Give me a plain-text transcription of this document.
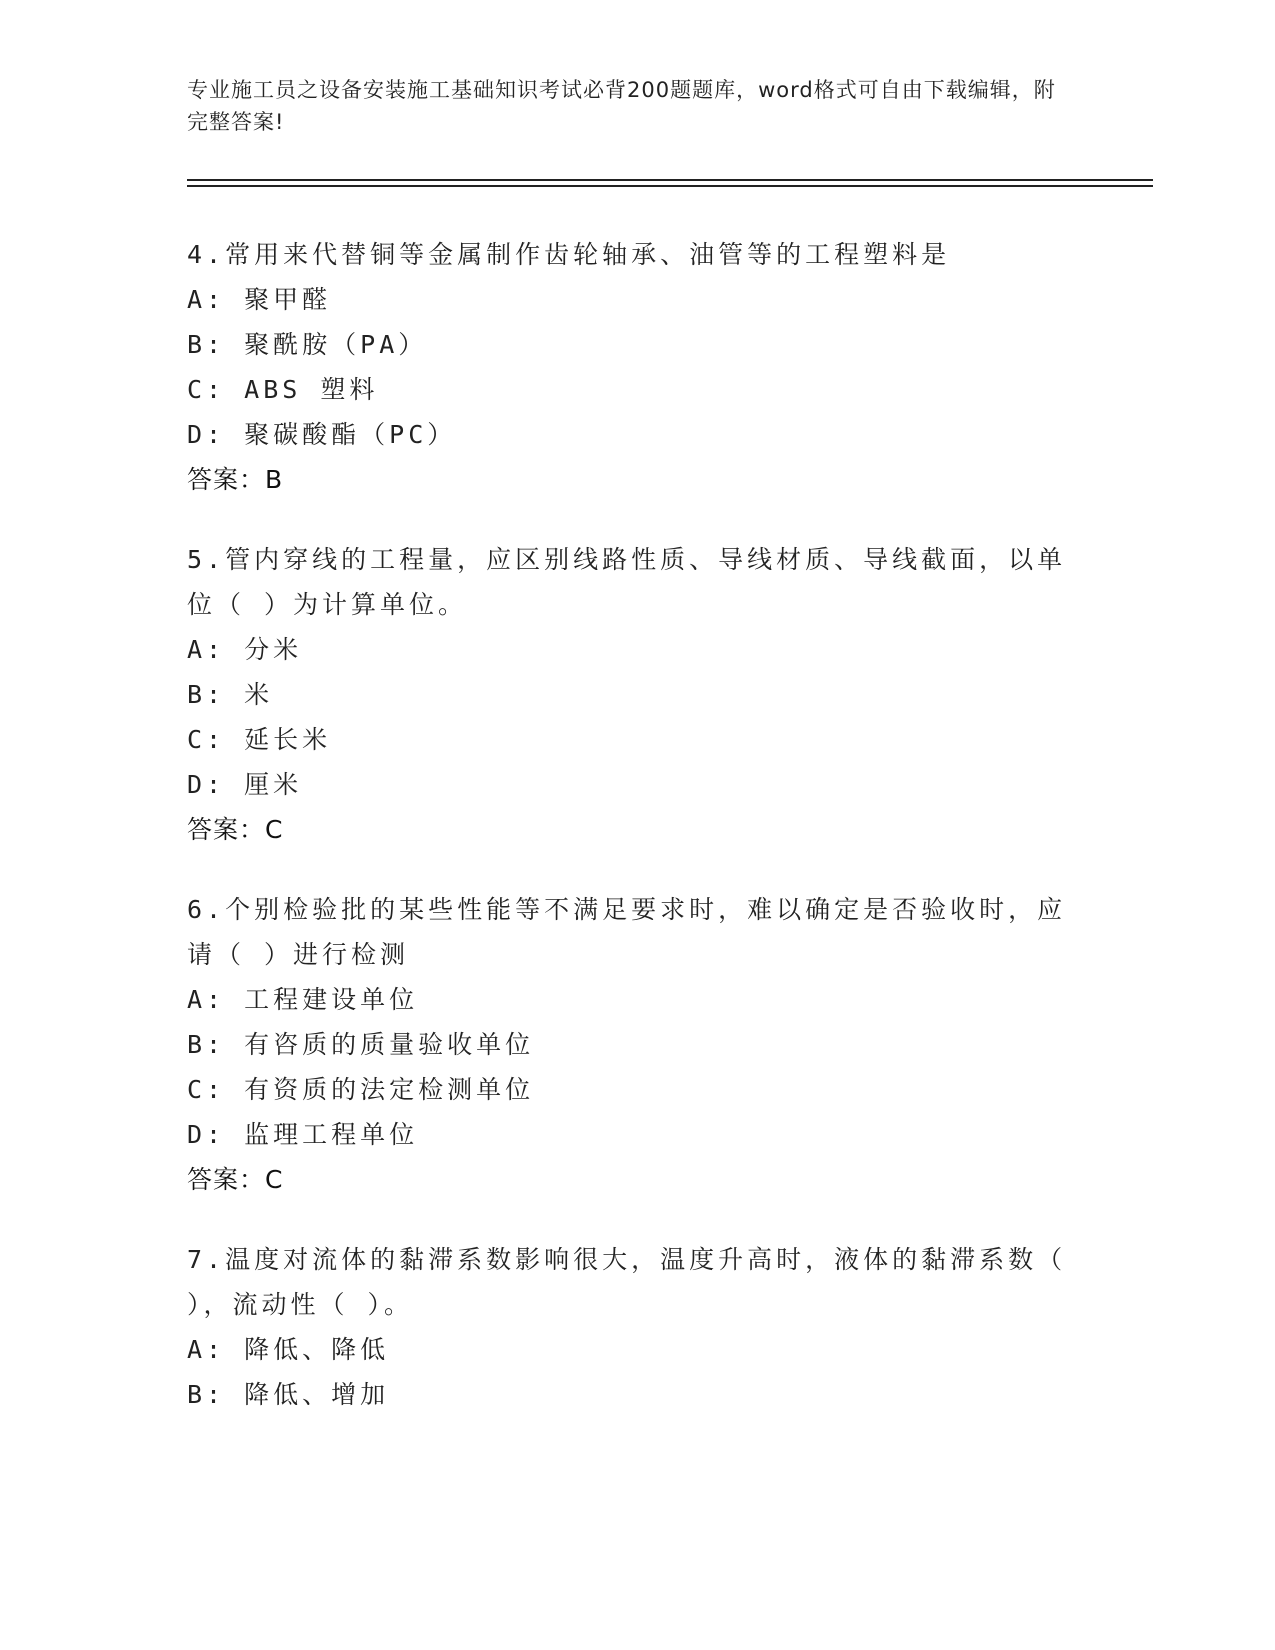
专业施工员之设备安装施工基础知识考试必背200题题库，word格式可自由下载编辑，附完整答案!
4.常用来代替铜等金属制作齿轮轴承、油管等的工程塑料是
A: 聚甲醛
B: 聚酰胺（PA）
C: ABS 塑料
D: 聚碳酸酯（PC）
答案：B
5.管内穿线的工程量，应区别线路性质、导线材质、导线截面，以单位（ ）为计算单位。
A: 分米
B: 米
C: 延长米
D: 厘米
答案：C
6.个别检验批的某些性能等不满足要求时，难以确定是否验收时，应请（ ）进行检测
A: 工程建设单位
B: 有咨质的质量验收单位
C: 有资质的法定检测单位
D: 监理工程单位
答案：C
7.温度对流体的黏滞系数影响很大，温度升高时，液体的黏滞系数（ ），流动性（ ）。
A: 降低、降低
B: 降低、增加
